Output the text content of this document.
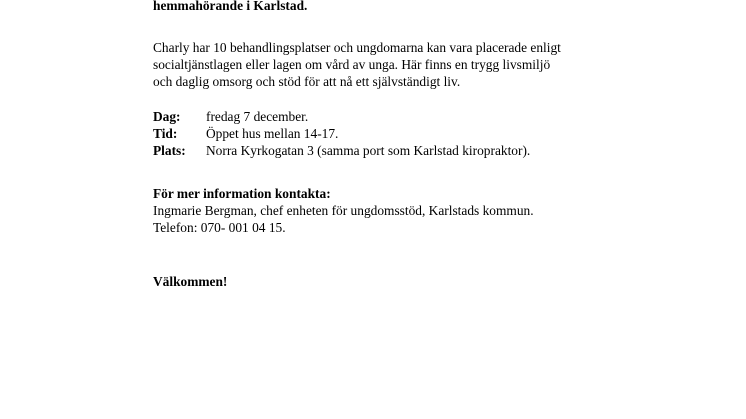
hemmahörande i Karlstad.

Charly har 10 behandlingsplatser och ungdomarna kan vara placerade enligt
socialtjänstlagen eller lagen om vård av unga. Här finns en trygg livsmiljö
och daglig omsorg och stöd för att nå ett självständigt liv.

Dag: fredag 7 december.
Tid: Öppet hus mellan 14-17.
Plats: Norra Kyrkogatan 3 (samma port som Karlstad kiropraktor).
För mer information kontakta:
Ingmarie Bergman, chef enheten för ungdomsstöd, Karlstads kommun.
Telefon: 070- 001 04 15.

Välkommen!
